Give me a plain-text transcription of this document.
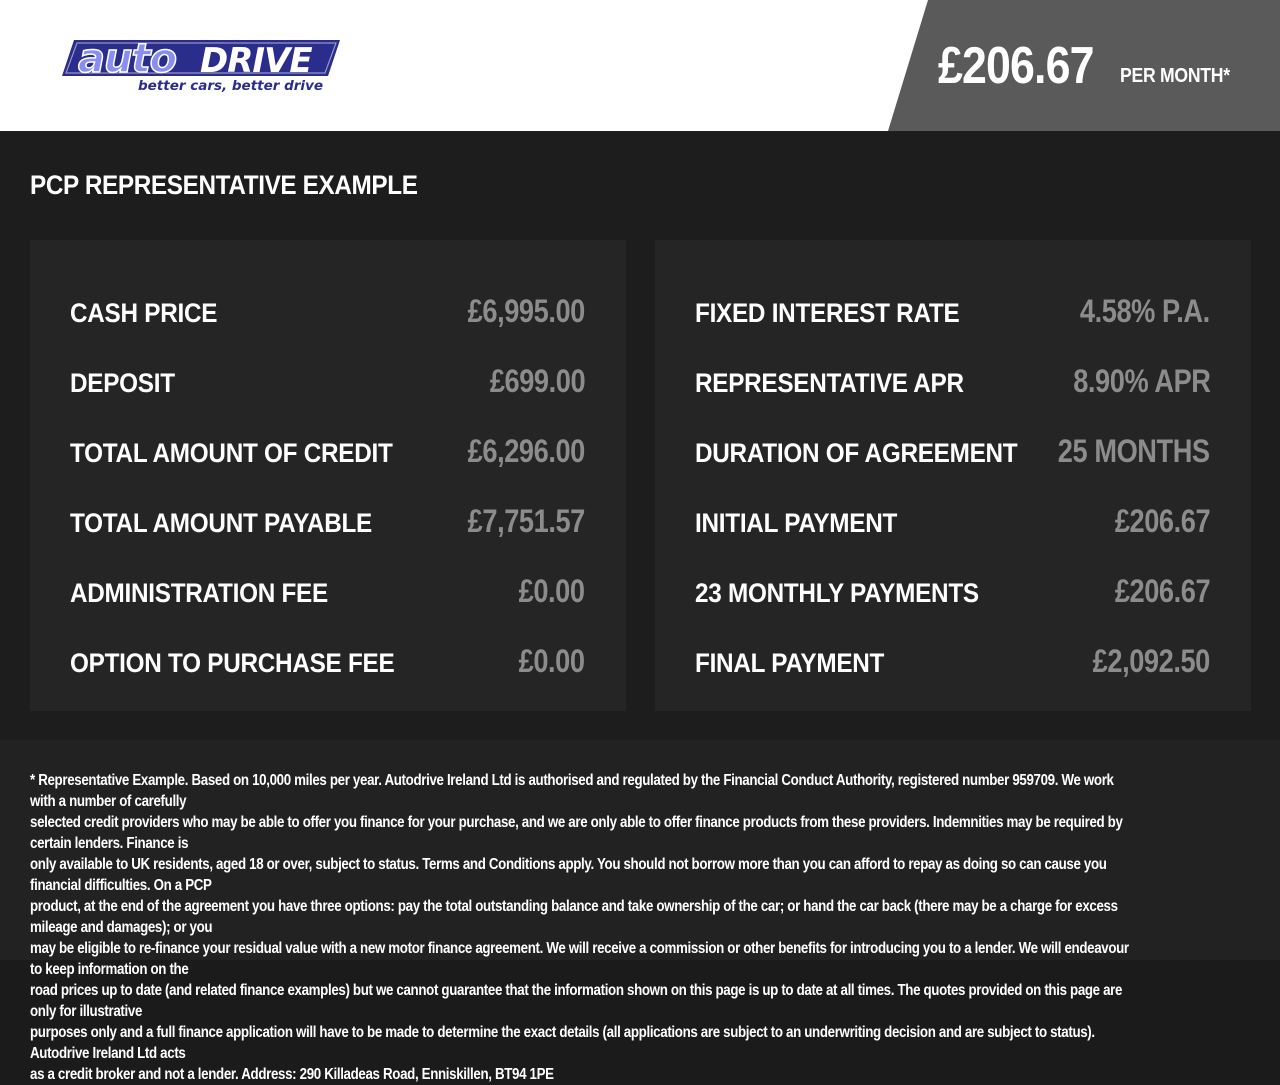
auto DRIVE
better cars, better drive	£206.67 PER MONTH*
PCP REPRESENTATIVE EXAMPLE
CASH PRICE	£6,995.00
DEPOSIT	£699.00
TOTAL AMOUNT OF CREDIT £6,296.00
TOTAL AMOUNT PAYABLE	£7,751.57
ADMINISTRATION FEE	£0.00
OPTION TO PURCHASE FEE	£0.00
FIXED INTEREST RATE	4.58% P.A.
REPRESENTATIVE APR	8.90% APR
DURATION OF AGREEMENT 25 MONTHS
INITIAL PAYMENT	£206.67
23 MONTHLY PAYMENTS	£206.67
FINAL PAYMENT	£2,092.50
* Representative Example. Based on 10,000 miles per year. Autodrive Ireland Ltd is authorised and regulated by the Financial Conduct Authority, registered number 959709. We work with a number of carefully
selected credit providers who may be able to offer you finance for your purchase, and we are only able to offer finance products from these providers. Indemnities may be required by certain lenders. Finance is
only available to UK residents, aged 18 or over, subject to status. Terms and Conditions apply. You should not borrow more than you can afford to repay as doing so can cause you financial difficulties. On a PCP
product, at the end of the agreement you have three options: pay the total outstanding balance and take ownership of the car; or hand the car back (there may be a charge for excess mileage and damages); or you
may be eligible to re-finance your residual value with a new motor finance agreement. We will receive a commission or other benefits for introducing you to a lender. We will endeavour to keep information on the
road prices up to date (and related finance examples) but we cannot guarantee that the information shown on this page is up to date at all times. The quotes provided on this page are only for illustrative
purposes only and a full finance application will have to be made to determine the exact details (all applications are subject to an underwriting decision and are subject to status). Autodrive Ireland Ltd acts
as a credit broker and not a lender. Address: 290 Killadeas Road, Enniskillen, BT94 1PE
